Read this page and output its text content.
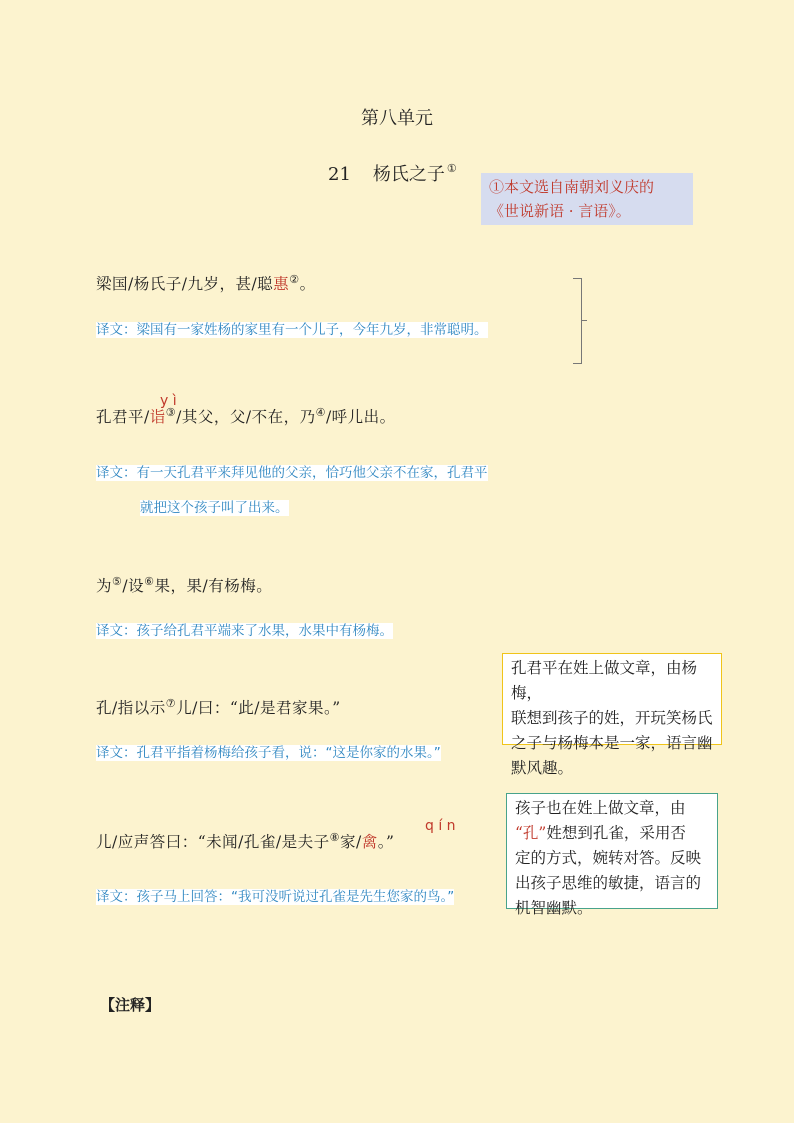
第八单元
21 杨氏之子 ①
①本文选自南朝刘义庆的
《世说新语 · 言语》。
梁国/杨氏子/九岁，甚/聪惠②。
译文：梁国有一家姓杨的家里有一个儿子，今年九岁，非常聪明。
y ì
孔君平/诣③/其父，父/不在，乃④/呼儿出。
译文：有一天孔君平来拜见他的父亲，恰巧他父亲不在家，孔君平
就把这个孩子叫了出来。
为⑤/设⑥果，果/有杨梅。
译文：孩子给孔君平端来了水果，水果中有杨梅。
孔/指以示⑦儿/曰：“此/是君家果。”
译文：孔君平指着杨梅给孩子看，说：“这是你家的水果。”
q í n
儿/应声答曰：“未闻/孔雀/是夫子⑧家/禽。”
译文：孩子马上回答：“我可没听说过孔雀是先生您家的鸟。”
孔君平在姓上做文章，由杨梅，
联想到孩子的姓，开玩笑杨氏
之子与杨梅本是一家，语言幽
默风趣。
孩子也在姓上做文章，由
“孔”姓想到孔雀，采用否
定的方式，婉转对答。反映
出孩子思维的敏捷，语言的
机智幽默。
【注释】
